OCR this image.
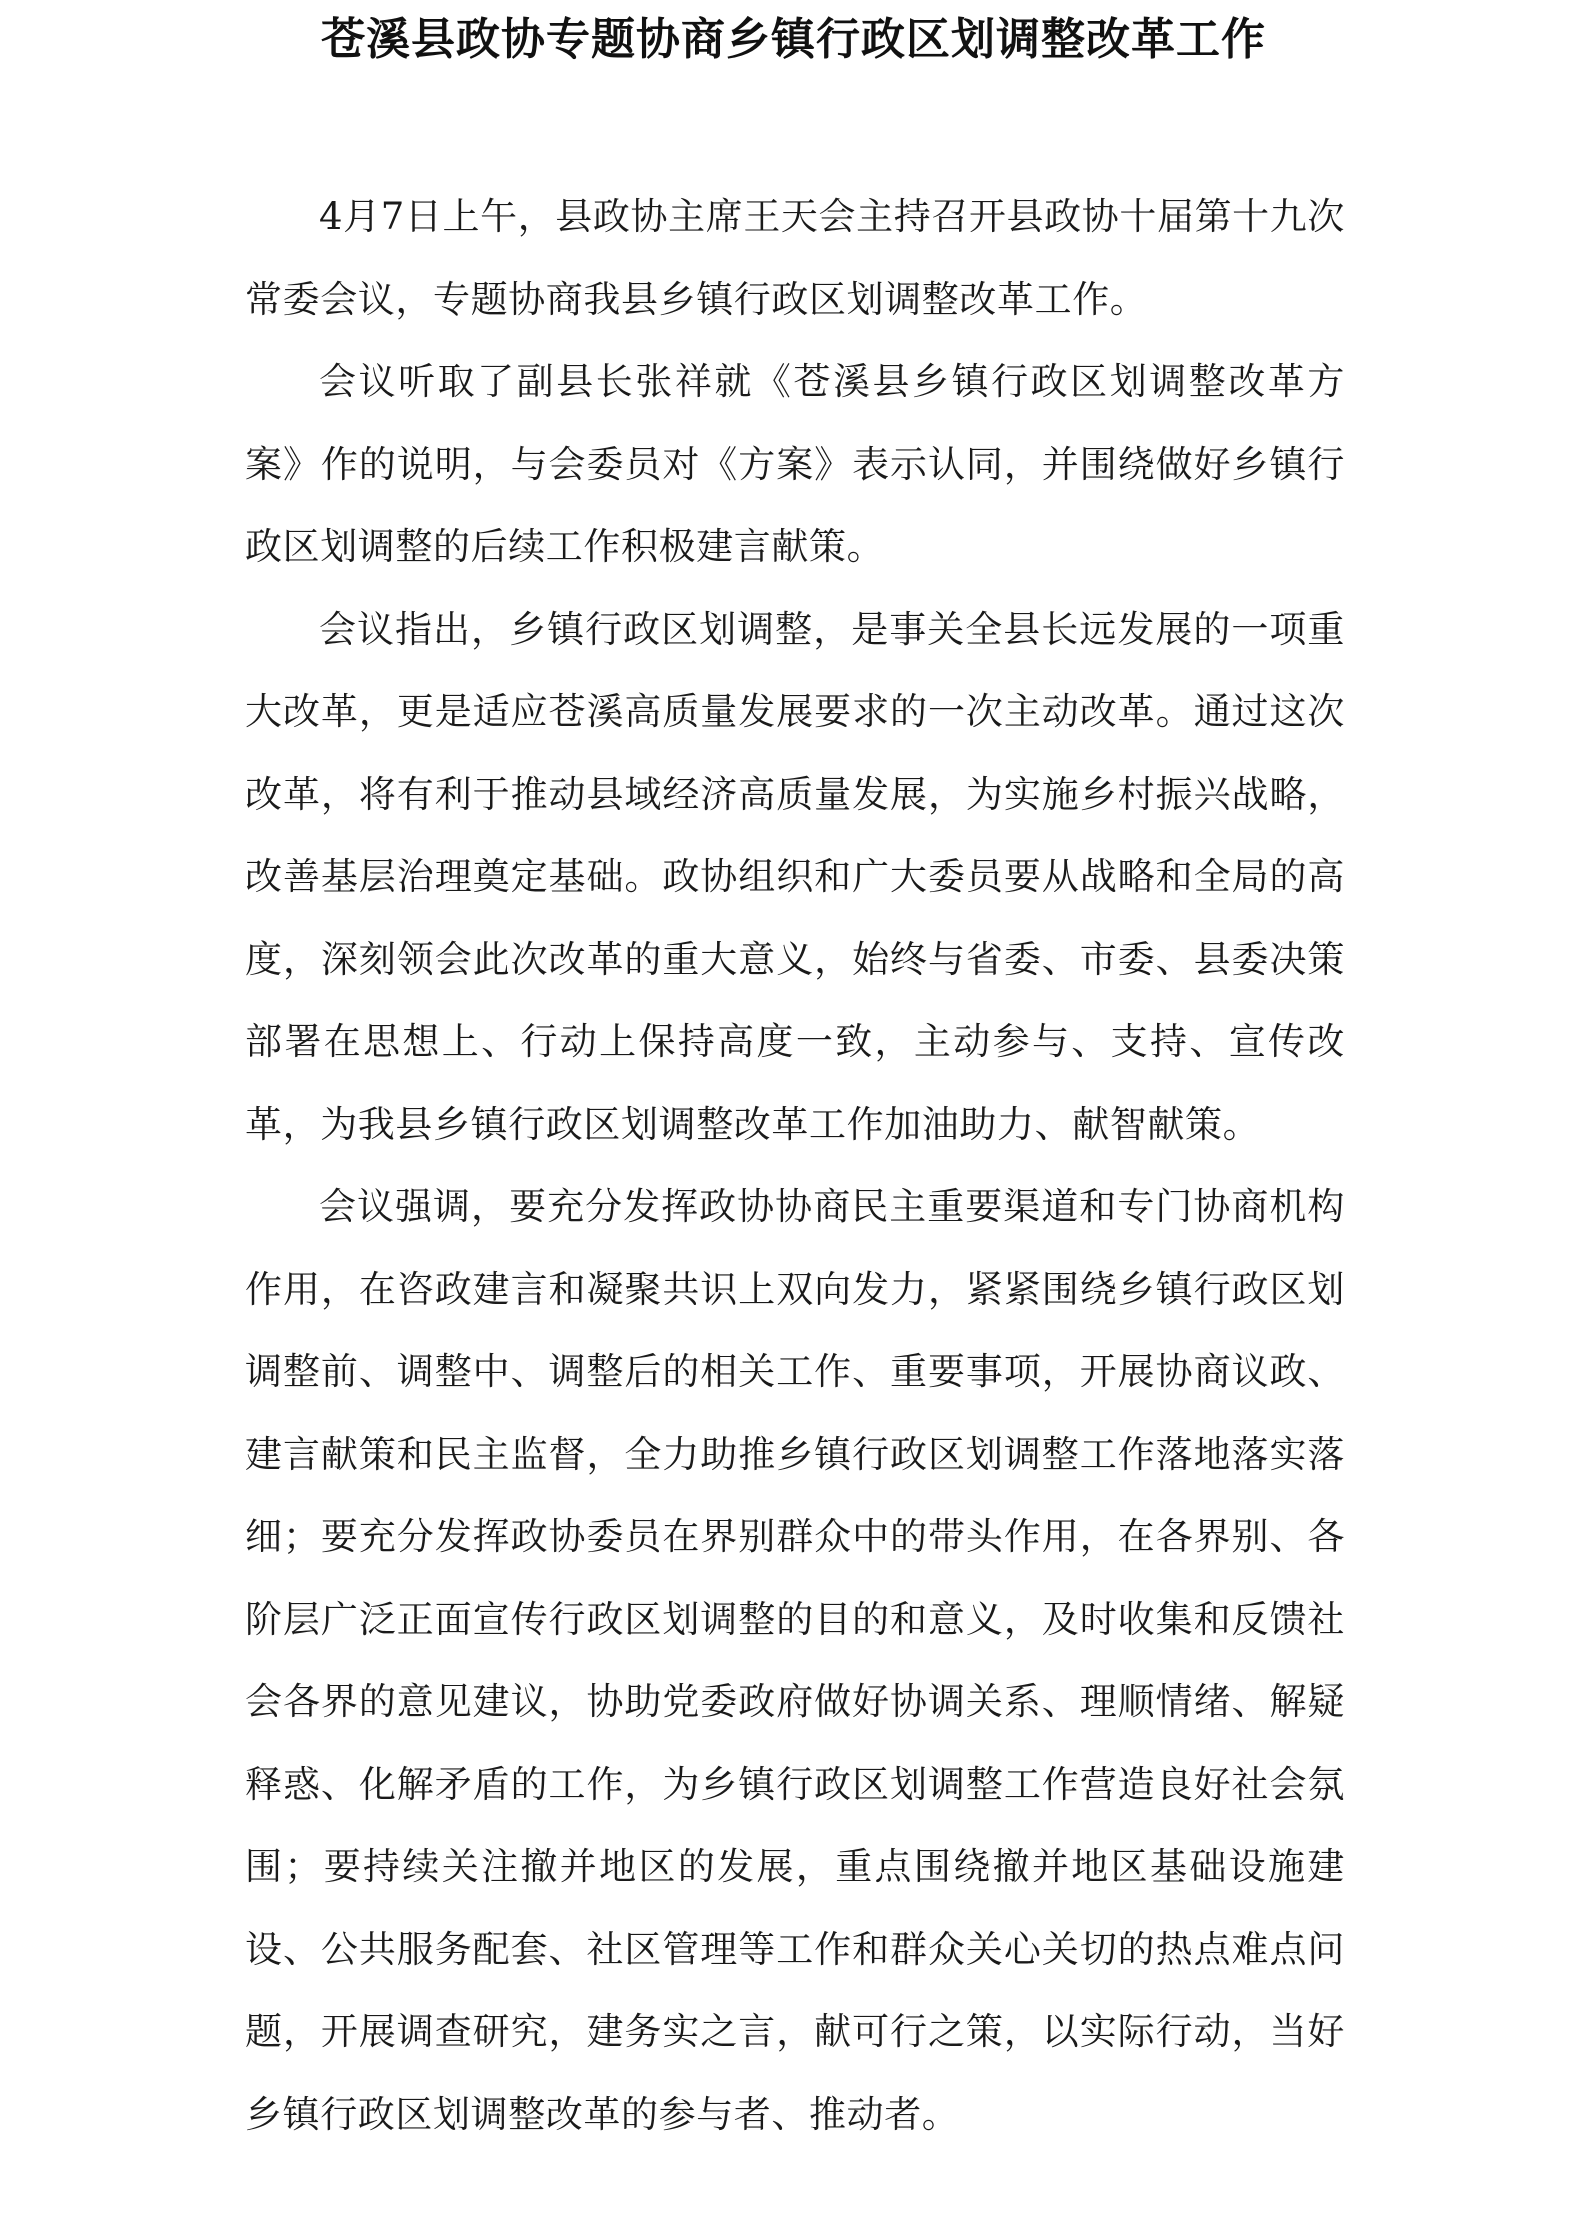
苍溪县政协专题协商乡镇行政区划调整改革工作

4月7日上午，县政协主席王天会主持召开县政协十届第十九次常委会议，专题协商我县乡镇行政区划调整改革工作。

会议听取了副县长张祥就《苍溪县乡镇行政区划调整改革方案》作的说明，与会委员对《方案》表示认同，并围绕做好乡镇行政区划调整的后续工作积极建言献策。

会议指出，乡镇行政区划调整，是事关全县长远发展的一项重大改革，更是适应苍溪高质量发展要求的一次主动改革。通过这次改革，将有利于推动县域经济高质量发展，为实施乡村振兴战略，改善基层治理奠定基础。政协组织和广大委员要从战略和全局的高度，深刻领会此次改革的重大意义，始终与省委、市委、县委决策部署在思想上、行动上保持高度一致，主动参与、支持、宣传改革，为我县乡镇行政区划调整改革工作加油助力、献智献策。

会议强调，要充分发挥政协协商民主重要渠道和专门协商机构作用，在咨政建言和凝聚共识上双向发力，紧紧围绕乡镇行政区划调整前、调整中、调整后的相关工作、重要事项，开展协商议政、建言献策和民主监督，全力助推乡镇行政区划调整工作落地落实落细；要充分发挥政协委员在界别群众中的带头作用，在各界别、各阶层广泛正面宣传行政区划调整的目的和意义，及时收集和反馈社会各界的意见建议，协助党委政府做好协调关系、理顺情绪、解疑释惑、化解矛盾的工作，为乡镇行政区划调整工作营造良好社会氛围；要持续关注撤并地区的发展，重点围绕撤并地区基础设施建设、公共服务配套、社区管理等工作和群众关心关切的热点难点问题，开展调查研究，建务实之言，献可行之策，以实际行动，当好乡镇行政区划调整改革的参与者、推动者。
